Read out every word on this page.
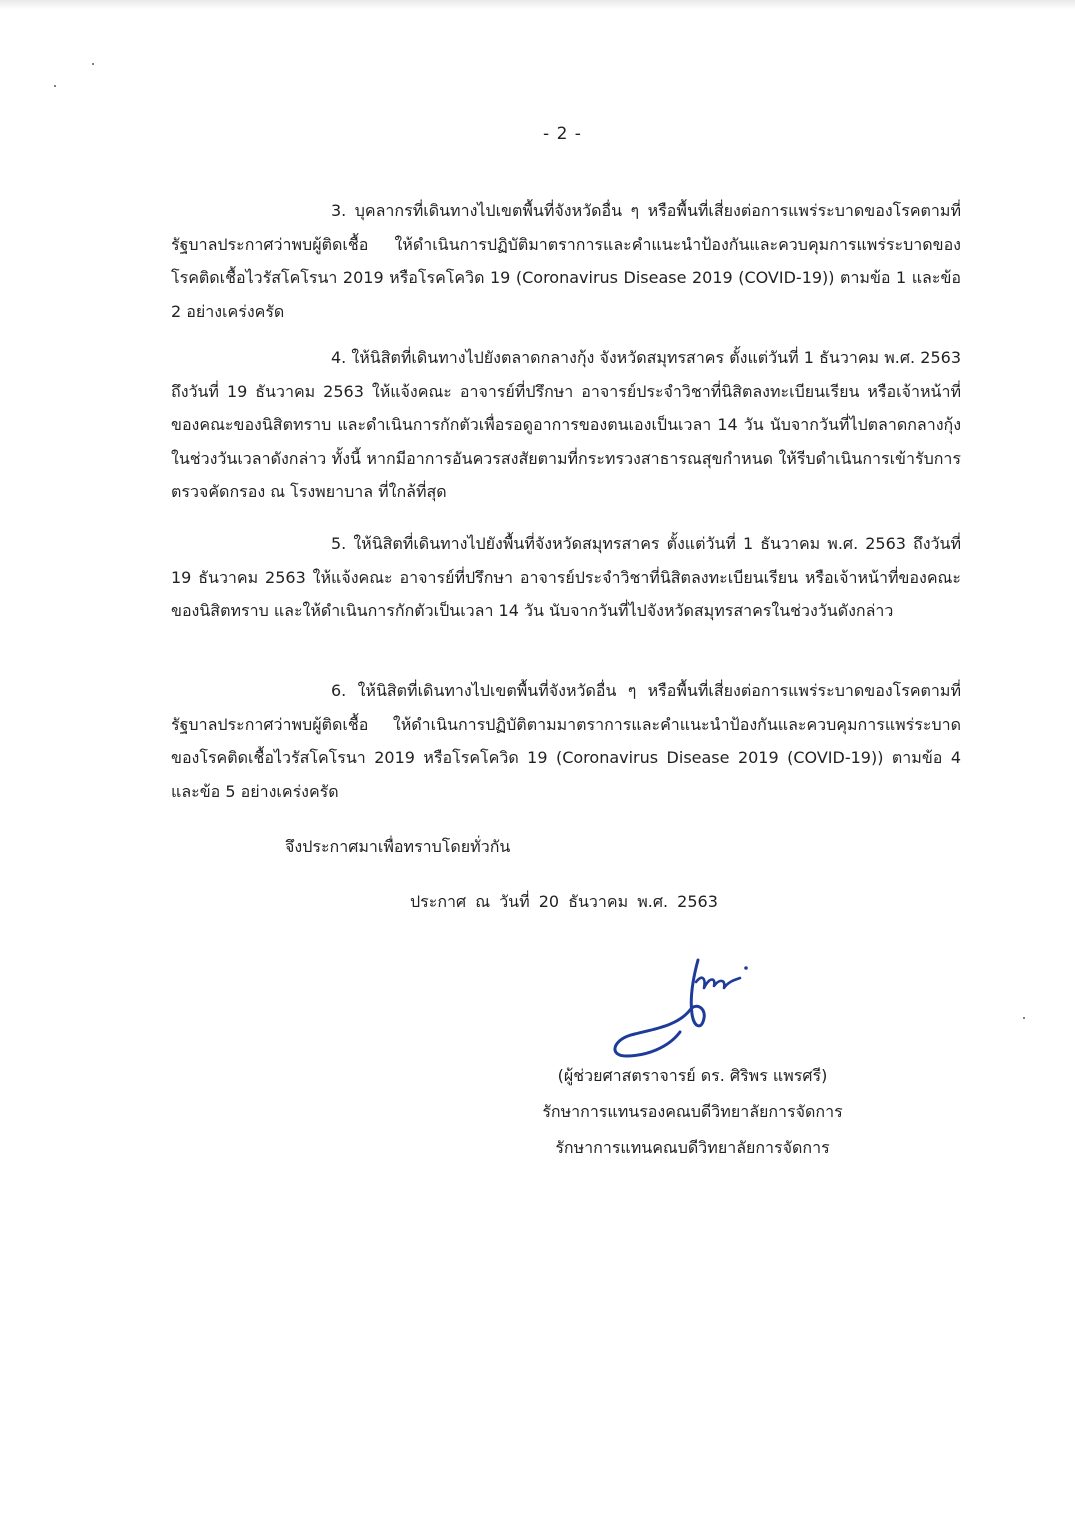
- 2 -

3. บุคลากรที่เดินทางไปเขตพื้นที่จังหวัดอื่น ๆ หรือพื้นที่เสี่ยงต่อการแพร่ระบาดของโรคตามที่รัฐบาลประกาศว่าพบผู้ติดเชื้อ ให้ดำเนินการปฏิบัติมาตราการและคำแนะนำป้องกันและควบคุมการแพร่ระบาดของโรคติดเชื้อไวรัสโคโรนา 2019 หรือโรคโควิด 19 (Coronavirus Disease 2019 (COVID-19)) ตามข้อ 1 และข้อ 2 อย่างเคร่งครัด

4. ให้นิสิตที่เดินทางไปยังตลาดกลางกุ้ง จังหวัดสมุทรสาคร ตั้งแต่วันที่ 1 ธันวาคม พ.ศ. 2563 ถึงวันที่ 19 ธันวาคม 2563 ให้แจ้งคณะ อาจารย์ที่ปรึกษา อาจารย์ประจำวิชาที่นิสิตลงทะเบียนเรียน หรือเจ้าหน้าที่ของคณะของนิสิตทราบ และดำเนินการกักตัวเพื่อรอดูอาการของตนเองเป็นเวลา 14 วัน นับจากวันที่ไปตลาดกลางกุ้งในช่วงวันเวลาดังกล่าว ทั้งนี้ หากมีอาการอันควรสงสัยตามที่กระทรวงสาธารณสุขกำหนด ให้รีบดำเนินการเข้ารับการตรวจคัดกรอง ณ โรงพยาบาล ที่ใกล้ที่สุด

5. ให้นิสิตที่เดินทางไปยังพื้นที่จังหวัดสมุทรสาคร ตั้งแต่วันที่ 1 ธันวาคม พ.ศ. 2563 ถึงวันที่ 19 ธันวาคม 2563 ให้แจ้งคณะ อาจารย์ที่ปรึกษา อาจารย์ประจำวิชาที่นิสิตลงทะเบียนเรียน หรือเจ้าหน้าที่ของคณะของนิสิตทราบ และให้ดำเนินการกักตัวเป็นเวลา 14 วัน นับจากวันที่ไปจังหวัดสมุทรสาครในช่วงวันดังกล่าว

6. ให้นิสิตที่เดินทางไปเขตพื้นที่จังหวัดอื่น ๆ หรือพื้นที่เสี่ยงต่อการแพร่ระบาดของโรคตามที่รัฐบาลประกาศว่าพบผู้ติดเชื้อ ให้ดำเนินการปฏิบัติตามมาตราการและคำแนะนำป้องกันและควบคุมการแพร่ระบาดของโรคติดเชื้อไวรัสโคโรนา 2019 หรือโรคโควิด 19 (Coronavirus Disease 2019 (COVID-19)) ตามข้อ 4 และข้อ 5 อย่างเคร่งครัด

จึงประกาศมาเพื่อทราบโดยทั่วกัน
ประกาศ ณ วันที่ 20 ธันวาคม พ.ศ. 2563
(ผู้ช่วยศาสตราจารย์ ดร. ศิริพร แพรศรี)
รักษาการแทนรองคณบดีวิทยาลัยการจัดการ
รักษาการแทนคณบดีวิทยาลัยการจัดการ
